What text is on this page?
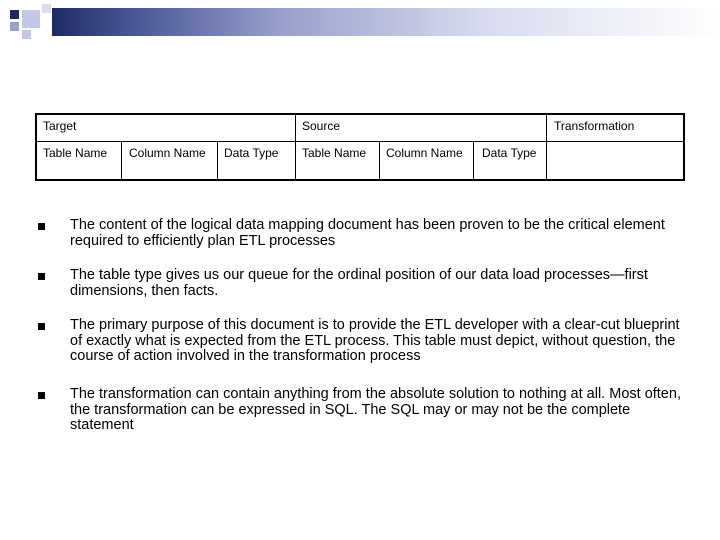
Target	Source	Transformation
Table Name Column Name Data Type Table Name Column Name Data Type
The content of the logical data mapping document has been proven to be the critical element required to efficiently plan ETL processes
The table type gives us our queue for the ordinal position of our data load processes—first dimensions, then facts.
The primary purpose of this document is to provide the ETL developer with a clear-cut blueprint of exactly what is expected from the ETL process. This table must depict, without question, the course of action involved in the transformation process
The transformation can contain anything from the absolute solution to nothing at all. Most often, the transformation can be expressed in SQL. The SQL may or may not be the complete statement
